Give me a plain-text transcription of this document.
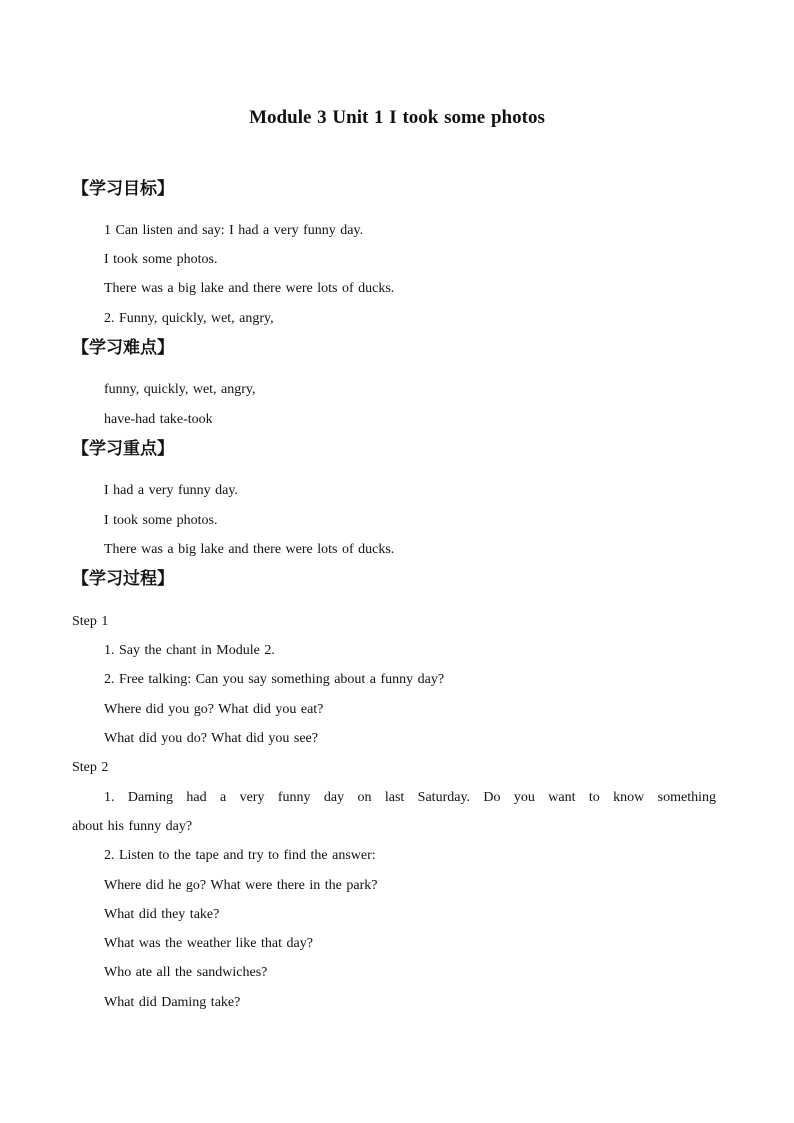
Module 3 Unit 1 I took some photos
【学习目标】
1 Can listen and say: I had a very funny day.
I took some photos.
There was a big lake and there were lots of ducks.
2. Funny, quickly, wet, angry,
【学习难点】
funny, quickly, wet, angry,
have-had take-took
【学习重点】
I had a very funny day.
I took some photos.
There was a big lake and there were lots of ducks.
【学习过程】
Step 1
1. Say the chant in Module 2.
2. Free talking: Can you say something about a funny day?
Where did you go? What did you eat?
What did you do? What did you see?
Step 2
1. Daming had a very funny day on last Saturday. Do you want to know something
about his funny day?
2. Listen to the tape and try to find the answer:
Where did he go? What were there in the park?
What did they take?
What was the weather like that day?
Who ate all the sandwiches?
What did Daming take?
